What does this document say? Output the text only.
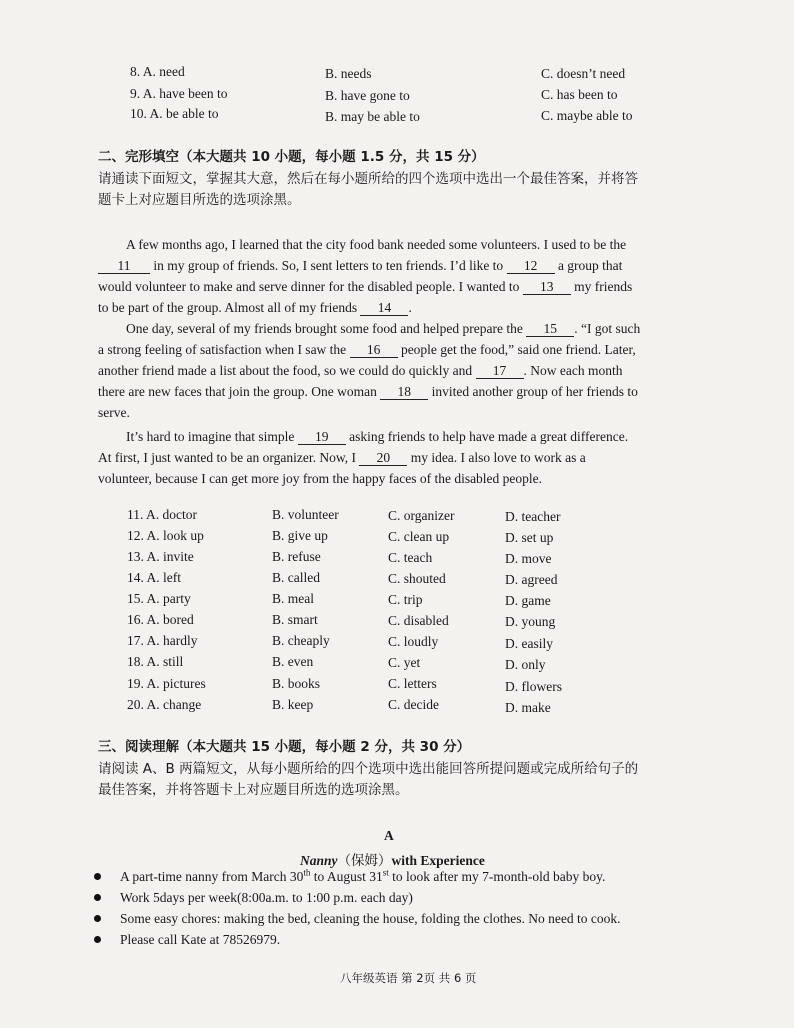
8. A. need	B. needs	C. doesn’t need
9. A. have been to	B. have gone to	C. has been to
10. A. be able to	B. may be able to	C. maybe able to
二、完形填空（本大题共 10 小题，每小题 1.5 分，共 15 分）
请通读下面短文，掌握其大意，然后在每小题所给的四个选项中选出一个最佳答案，并将答
题卡上对应题目所选的选项涂黑。

A few months ago, I learned that the city food bank needed some volunteers. I used to be the

11 in my group of friends. So, I sent letters to ten friends. I’d like to 12 a group that

would volunteer to make and serve dinner for the disabled people. I wanted to 13 my friends

to be part of the group. Almost all of my friends 14 .

One day, several of my friends brought some food and helped prepare the 15 . “I got such

a strong feeling of satisfaction when I saw the 16 people get the food,” said one friend. Later,

another friend made a list about the food, so we could do quickly and 17 . Now each month

there are new faces that join the group. One woman 18 invited another group of her friends to

serve.

It’s hard to imagine that simple 19 asking friends to help have made a great difference.

At first, I just wanted to be an organizer. Now, I 20 my idea. I also love to work as a

volunteer, because I can get more joy from the happy faces of the disabled people.

11. A. doctor	B. volunteer	C. organizer	D. teacher
12. A. look up	B. give up	C. clean up	D. set up
13. A. invite	B. refuse	C. teach	D. move
14. A. left	B. called	C. shouted	D. agreed
15. A. party	B. meal	C. trip	D. game
16. A. bored	B. smart	C. disabled	D. young
17. A. hardly	B. cheaply	C. loudly	D. easily
18. A. still	B. even	C. yet	D. only
19. A. pictures	B. books	C. letters	D. flowers
20. A. change	B. keep	C. decide	D. make
三、阅读理解（本大题共 15 小题，每小题 2 分，共 30 分）
请阅读 A、B 两篇短文，从每小题所给的四个选项中选出能回答所提问题或完成所给句子的
最佳答案，并将答题卡上对应题目所选的选项涂黑。
A
Nanny（保姆）with Experience
A part-time nanny from March 30th to August 31st to look after my 7-month-old baby boy.
Work 5days per week(8:00a.m. to 1:00 p.m. each day)
Some easy chores: making the bed, cleaning the house, folding the clothes. No need to cook.
Please call Kate at 78526979.
八年级英语 第 2页 共 6 页
